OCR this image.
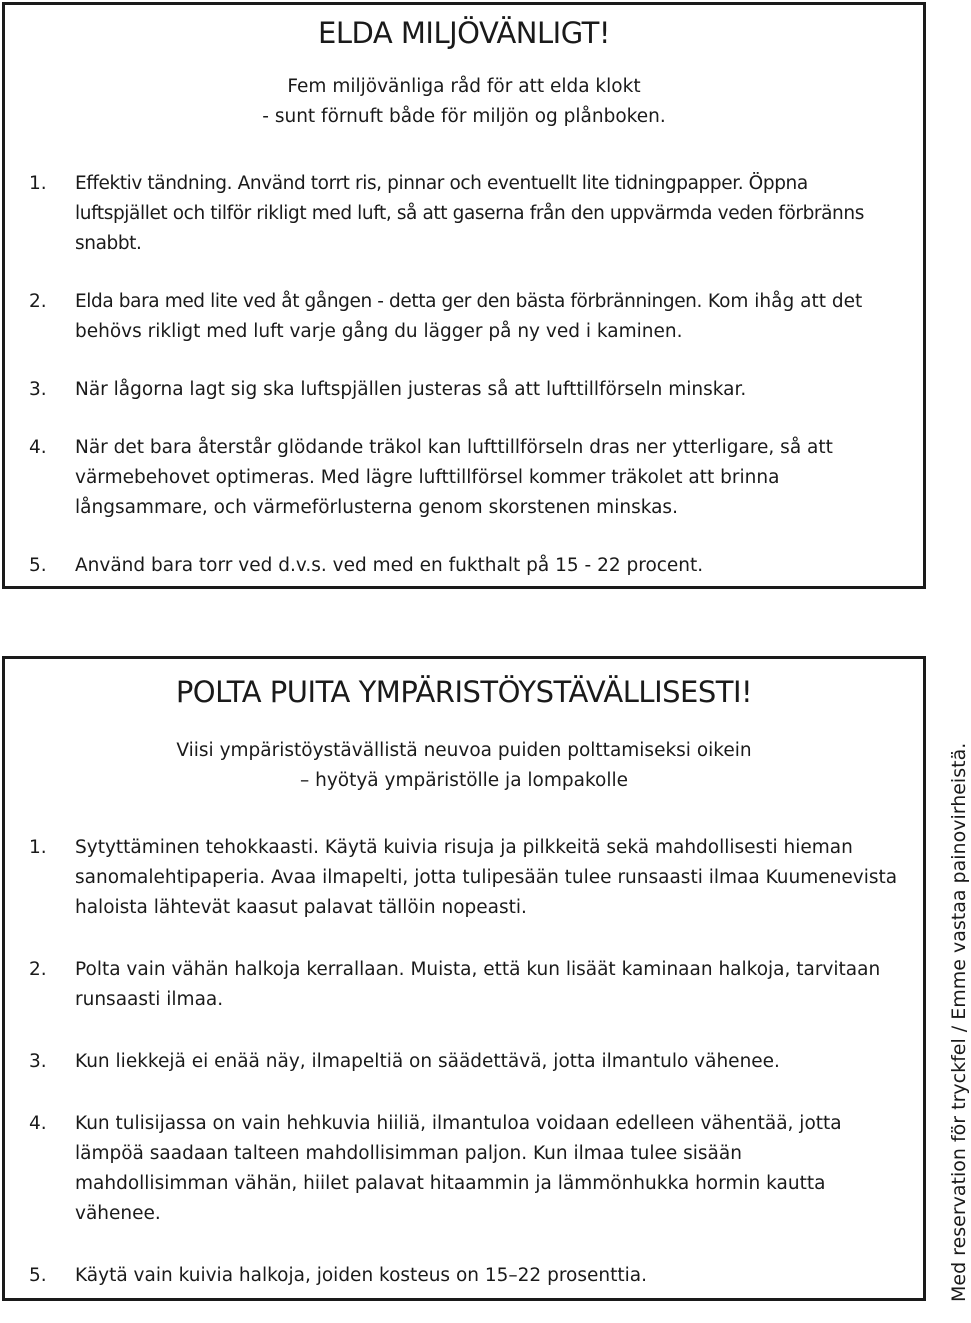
ELDA MILJÖVÄNLIGT!
Fem miljövänliga råd för att elda klokt
- sunt förnuft både för miljön og plånboken.
1. Effektiv tändning. Använd torrt ris, pinnar och eventuellt lite tidningpapper. Öppna luftspjället och tilför rikligt med luft, så att gaserna från den uppvärmda veden förbränns snabbt.
2. Elda bara med lite ved åt gången - detta ger den bästa förbränningen. Kom ihåg att det behövs rikligt med luft varje gång du lägger på ny ved i kaminen.
3. När lågorna lagt sig ska luftspjällen justeras så att lufttillförseln minskar.
4. När det bara återstår glödande träkol kan lufttillförseln dras ner ytterligare, så att värmebehovet optimeras. Med lägre lufttillförsel kommer träkolet att brinna långsammare, och värmeförlusterna genom skorstenen minskas.
5. Använd bara torr ved d.v.s. ved med en fukthalt på 15 - 22 procent.
POLTA PUITA YMPÄRISTÖYSTÄVÄLLISESTI!
Viisi ympäristöystävällistä neuvoa puiden polttamiseksi oikein
– hyötyä ympäristölle ja lompakolle
1. Sytyttäminen tehokkaasti. Käytä kuivia risuja ja pilkkeitä sekä mahdollisesti hieman sanomalehtipaperia. Avaa ilmapelti, jotta tulipesään tulee runsaasti ilmaa Kuumenevista haloista lähtevät kaasut palavat tällöin nopeasti.
2. Polta vain vähän halkoja kerrallaan. Muista, että kun lisäät kaminaan halkoja, tarvitaan runsaasti ilmaa.
3. Kun liekkejä ei enää näy, ilmapeltiä on säädettävä, jotta ilmantulo vähenee.
4. Kun tulisijassa on vain hehkuvia hiiliä, ilmantuloa voidaan edelleen vähentää, jotta lämpöä saadaan talteen mahdollisimman paljon. Kun ilmaa tulee sisään mahdollisimman vähän, hiilet palavat hitaammin ja lämmönhukka hormin kautta vähenee.
5. Käytä vain kuivia halkoja, joiden kosteus on 15–22 prosenttia.	Med reservation för tryckfel / Emme vastaa painovirheistä.
